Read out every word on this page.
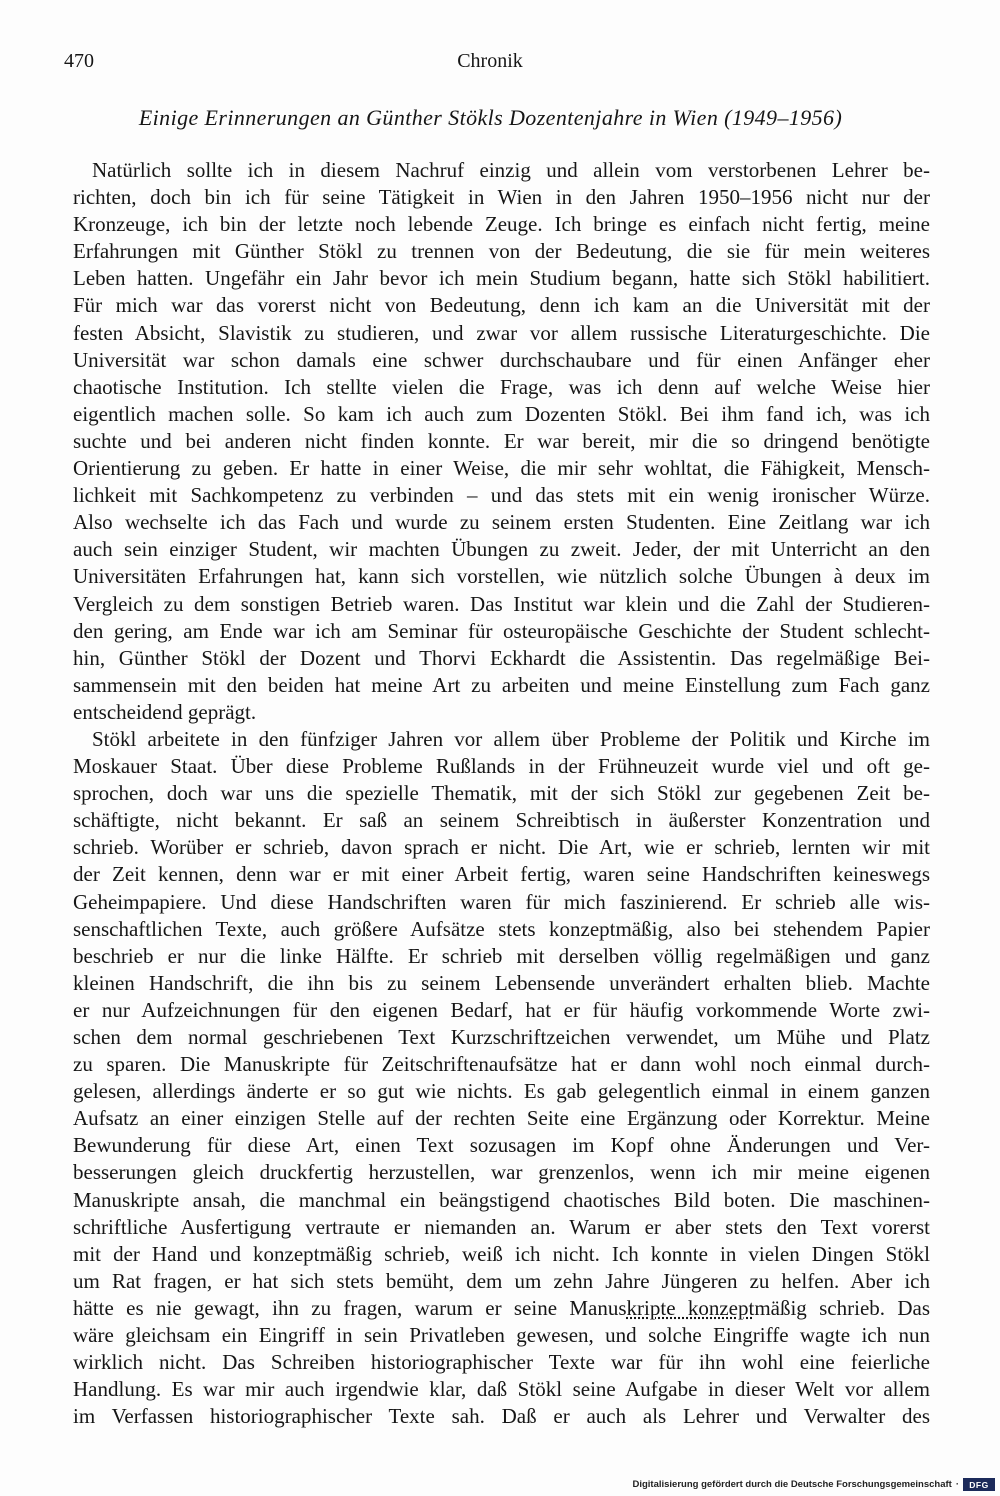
470	Chronik
Einige Erinnerungen an Günther Stökls Dozentenjahre in Wien (1949–1956)
Natürlich sollte ich in diesem Nachruf einzig und allein vom verstorbenen Lehrer be-
richten, doch bin ich für seine Tätigkeit in Wien in den Jahren 1950–1956 nicht nur der
Kronzeuge, ich bin der letzte noch lebende Zeuge. Ich bringe es einfach nicht fertig, meine
Erfahrungen mit Günther Stökl zu trennen von der Bedeutung, die sie für mein weiteres
Leben hatten. Ungefähr ein Jahr bevor ich mein Studium begann, hatte sich Stökl habilitiert.
Für mich war das vorerst nicht von Bedeutung, denn ich kam an die Universität mit der
festen Absicht, Slavistik zu studieren, und zwar vor allem russische Literaturgeschichte. Die
Universität war schon damals eine schwer durchschaubare und für einen Anfänger eher
chaotische Institution. Ich stellte vielen die Frage, was ich denn auf welche Weise hier
eigentlich machen solle. So kam ich auch zum Dozenten Stökl. Bei ihm fand ich, was ich
suchte und bei anderen nicht finden konnte. Er war bereit, mir die so dringend benötigte
Orientierung zu geben. Er hatte in einer Weise, die mir sehr wohltat, die Fähigkeit, Mensch-
lichkeit mit Sachkompetenz zu verbinden – und das stets mit ein wenig ironischer Würze.
Also wechselte ich das Fach und wurde zu seinem ersten Studenten. Eine Zeitlang war ich
auch sein einziger Student, wir machten Übungen zu zweit. Jeder, der mit Unterricht an den
Universitäten Erfahrungen hat, kann sich vorstellen, wie nützlich solche Übungen à deux im
Vergleich zu dem sonstigen Betrieb waren. Das Institut war klein und die Zahl der Studieren-
den gering, am Ende war ich am Seminar für osteuropäische Geschichte der Student schlecht-
hin, Günther Stökl der Dozent und Thorvi Eckhardt die Assistentin. Das regelmäßige Bei-
sammensein mit den beiden hat meine Art zu arbeiten und meine Einstellung zum Fach ganz
entscheidend geprägt.
Stökl arbeitete in den fünfziger Jahren vor allem über Probleme der Politik und Kirche im
Moskauer Staat. Über diese Probleme Rußlands in der Frühneuzeit wurde viel und oft ge-
sprochen, doch war uns die spezielle Thematik, mit der sich Stökl zur gegebenen Zeit be-
schäftigte, nicht bekannt. Er saß an seinem Schreibtisch in äußerster Konzentration und
schrieb. Worüber er schrieb, davon sprach er nicht. Die Art, wie er schrieb, lernten wir mit
der Zeit kennen, denn war er mit einer Arbeit fertig, waren seine Handschriften keineswegs
Geheimpapiere. Und diese Handschriften waren für mich faszinierend. Er schrieb alle wis-
senschaftlichen Texte, auch größere Aufsätze stets konzeptmäßig, also bei stehendem Papier
beschrieb er nur die linke Hälfte. Er schrieb mit derselben völlig regelmäßigen und ganz
kleinen Handschrift, die ihn bis zu seinem Lebensende unverändert erhalten blieb. Machte
er nur Aufzeichnungen für den eigenen Bedarf, hat er für häufig vorkommende Worte zwi-
schen dem normal geschriebenen Text Kurzschriftzeichen verwendet, um Mühe und Platz
zu sparen. Die Manuskripte für Zeitschriftenaufsätze hat er dann wohl noch einmal durch-
gelesen, allerdings änderte er so gut wie nichts. Es gab gelegentlich einmal in einem ganzen
Aufsatz an einer einzigen Stelle auf der rechten Seite eine Ergänzung oder Korrektur. Meine
Bewunderung für diese Art, einen Text sozusagen im Kopf ohne Änderungen und Ver-
besserungen gleich druckfertig herzustellen, war grenzenlos, wenn ich mir meine eigenen
Manuskripte ansah, die manchmal ein beängstigend chaotisches Bild boten. Die maschinen-
schriftliche Ausfertigung vertraute er niemanden an. Warum er aber stets den Text vorerst
mit der Hand und konzeptmäßig schrieb, weiß ich nicht. Ich konnte in vielen Dingen Stökl
um Rat fragen, er hat sich stets bemüht, dem um zehn Jahre Jüngeren zu helfen. Aber ich
hätte es nie gewagt, ihn zu fragen, warum er seine Manuskripte konzeptmäßig schrieb. Das
wäre gleichsam ein Eingriff in sein Privatleben gewesen, und solche Eingriffe wagte ich nun
wirklich nicht. Das Schreiben historiographischer Texte war für ihn wohl eine feierliche
Handlung. Es war mir auch irgendwie klar, daß Stökl seine Aufgabe in dieser Welt vor allem
im Verfassen historiographischer Texte sah. Daß er auch als Lehrer und Verwalter des
Digitalisierung gefördert durch die Deutsche Forschungsgemeinschaft ·	DFG
